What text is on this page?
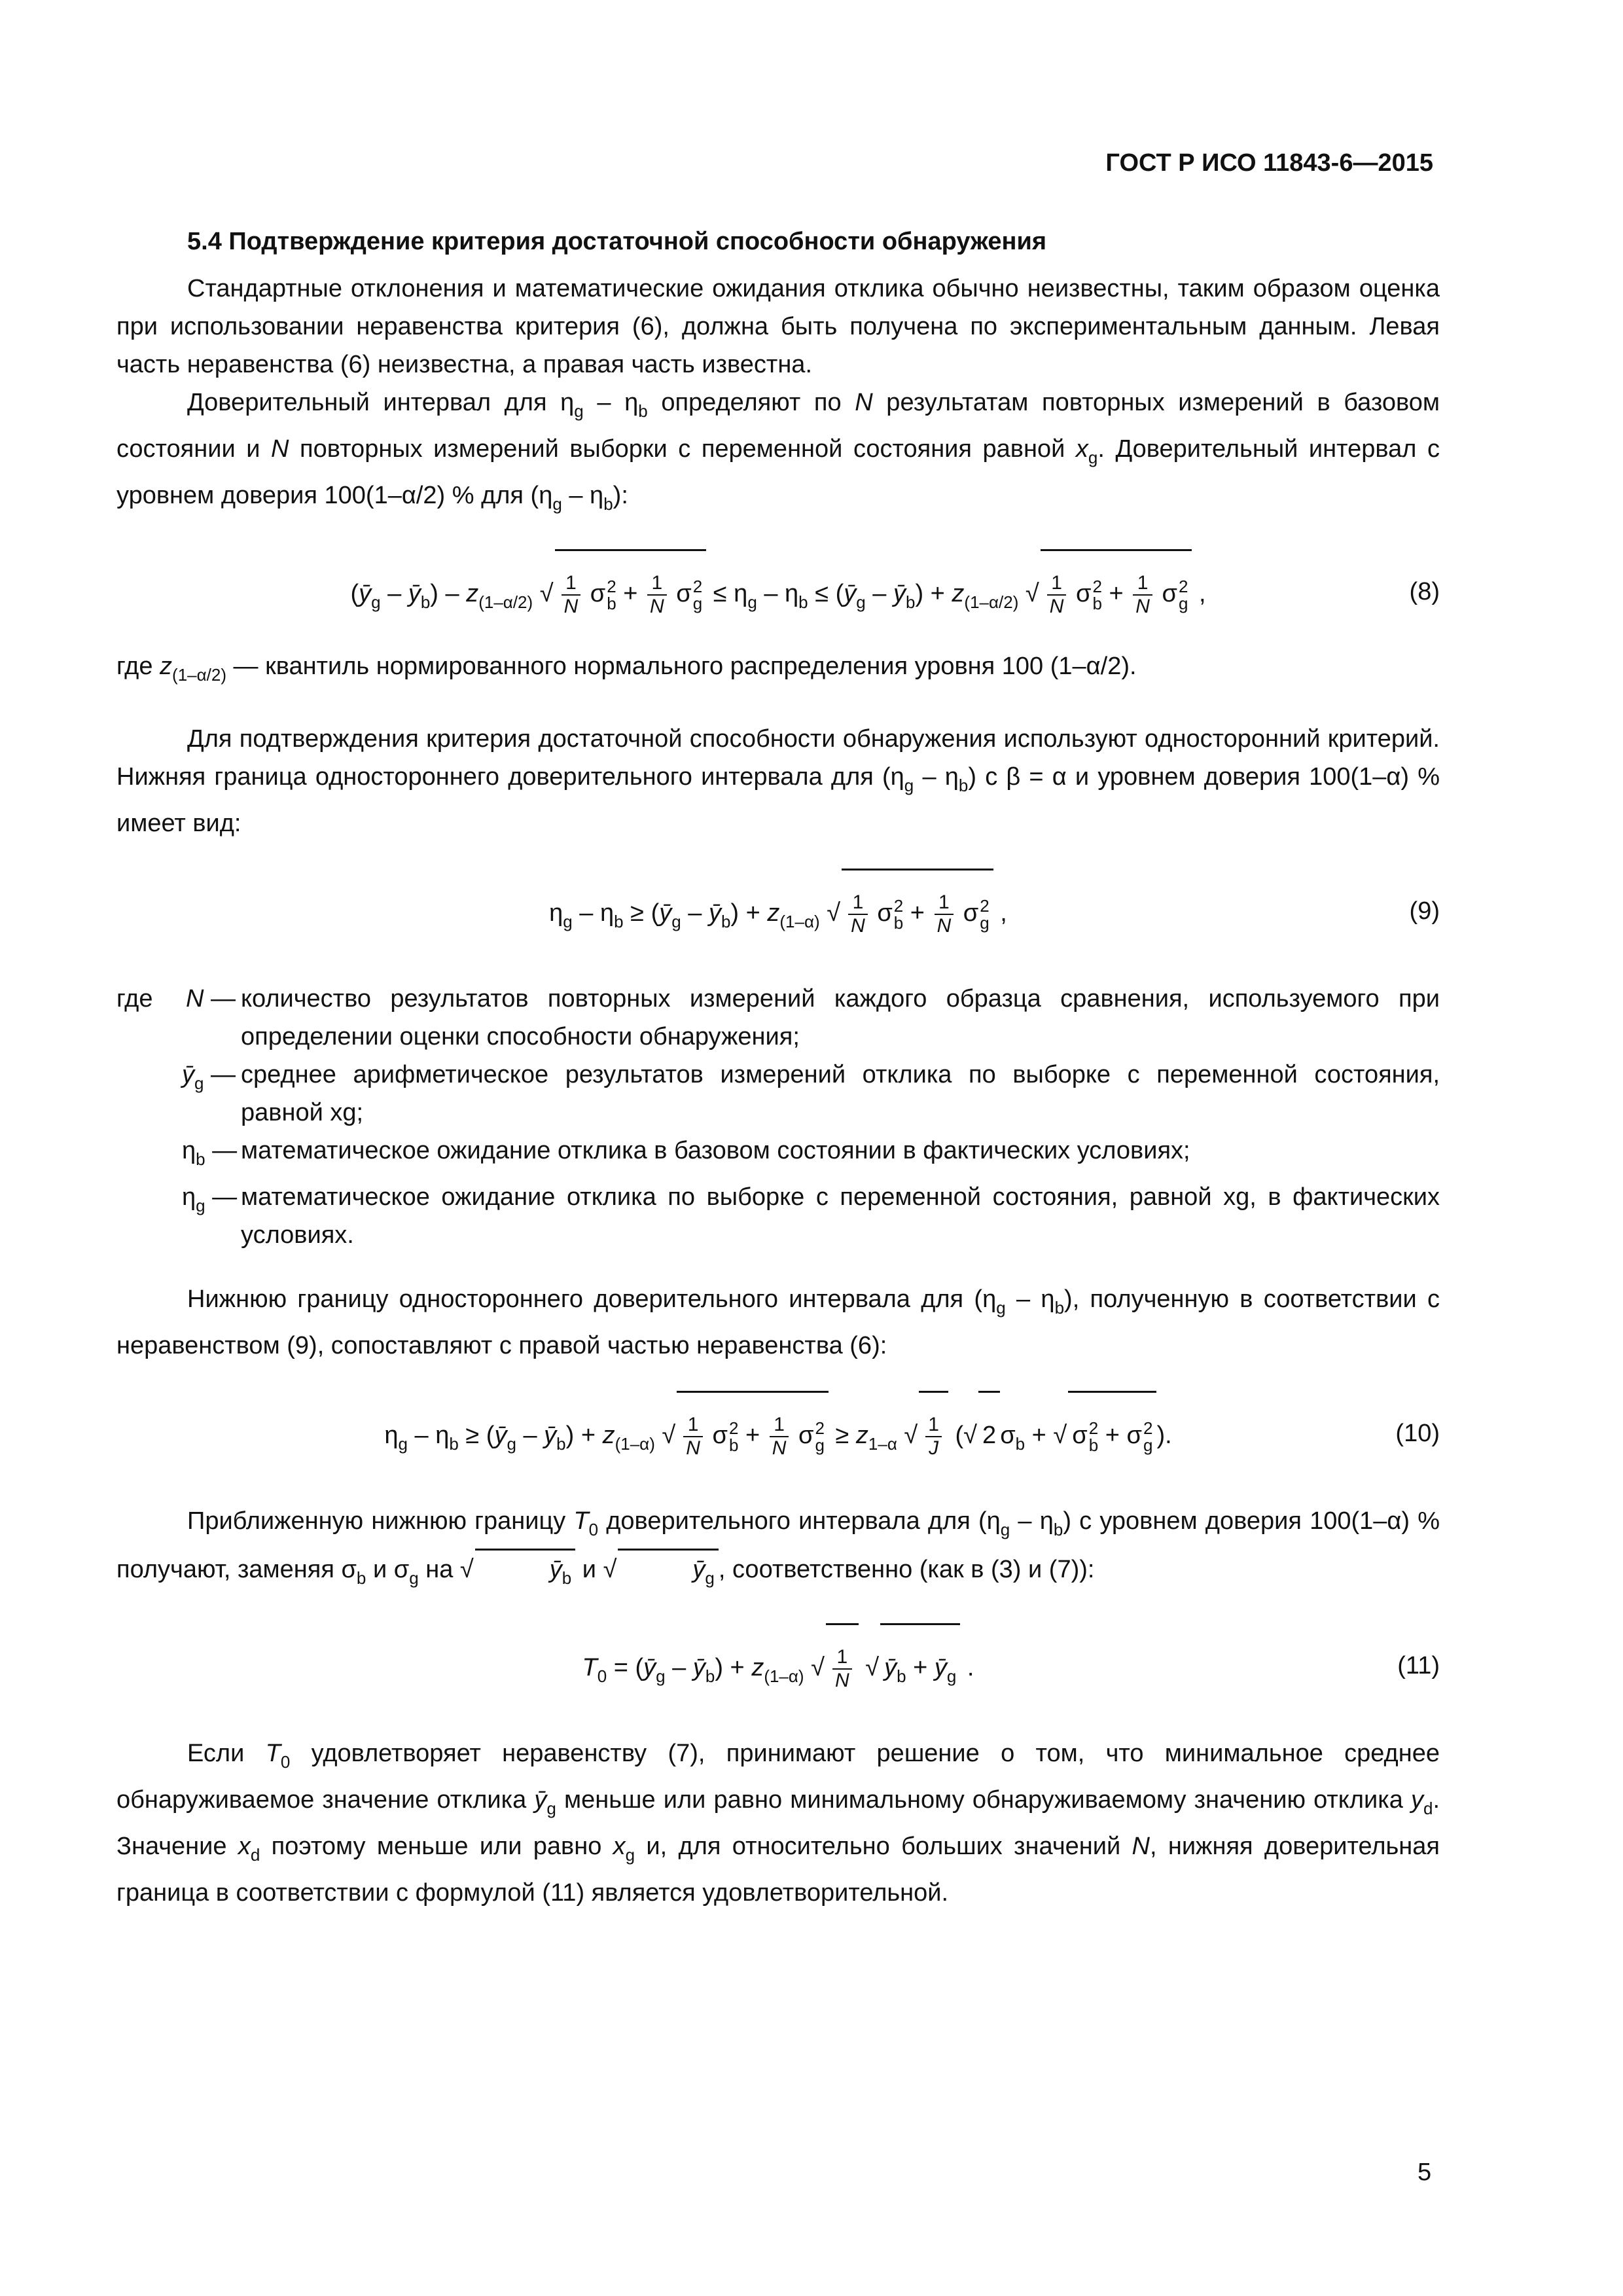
ГОСТ Р ИСО 11843-6—2015
5.4 Подтверждение критерия достаточной способности обнаружения

Стандартные отклонения и математические ожидания отклика обычно неизвестны, таким образом оценка при использовании неравенства критерия (6), должна быть получена по экспериментальным данным. Левая часть неравенства (6) неизвестна, а правая часть известна.

Доверительный интервал для $\eta_g - \eta_b$ определяют по N результатам повторных измерений в базовом состоянии и N повторных измерений выборки с переменной состояния равной $x_g$. Доверительный интервал с уровнем доверия 100(1–α/2) % для $(\eta_g - \eta_b)$:

($ȳ_g$ – $ȳ_b) - z_{(1-\alpha/2)}$ √ $\frac{1}{N}$ σ 2
$b + \frac{1}{N}$ σ 2
$g \le \eta_g - \eta_b$ ≤ ($ȳ_g$ – $ȳ_b) + z_{(1-\alpha/2)}$ √ $\frac{1}{N}$ σ 2
$b + \frac{1}{N}$ σ 2
g ,	(8)

где $z_{(1-\alpha/2)}$ — квантиль нормированного нормального распределения уровня 100 (1–α/2).

Для подтверждения критерия достаточной способности обнаружения используют односторонний критерий. Нижняя граница одностороннего доверительного интервала для $(\eta_g - \eta_b)$ с β = α и уровнем доверия 100(1–α) % имеет вид:

$\eta_g - \eta_b$ ≥ ($ȳ_g$ – $ȳ_b) + z_{(1-\alpha)}$ √ $\frac{1}{N}$ σ 2
$b + \frac{1}{N}$ σ 2
g ,	(9)
где	N — количество результатов повторных измерений каждого образца сравнения, используемого при определении оценки способности обнаружения;
$ȳ_g$ — среднее арифметическое результатов измерений отклика по выборке с переменной состояния, равной xg;
$\eta_b$ — математическое ожидание отклика в базовом состоянии в фактических условиях;
$\eta_g$ — математическое ожидание отклика по выборке с переменной состояния, равной xg, в фактических условиях.

Нижнюю границу одностороннего доверительного интервала для $(\eta_g - \eta_b)$, полученную в соответствии с неравенством (9), сопоставляют с правой частью неравенства (6):

$\eta_g - \eta_b$ ≥ ($ȳ_g$ – $ȳ_b) + z_{(1-\alpha)}$ √ $\frac{1}{N}$ σ 2
$b + \frac{1}{N}$ σ 2
$g \ge z_{1-\alpha}$ √ $\frac{1}{J}$ (√ 2 $\sigma_b$ + √ σ 2
b + σ 2
g ).	(10)

Приближенную нижнюю границу $T_0$ доверительного интервала для $(\eta_g - \eta_b)$ с уровнем доверия 100(1–α) % получают, заменяя $\sigma_b$ и $\sigma_g$ на √	$ȳ_b$ и √	$ȳ_g$ , соответственно (как в (3) и (7)):

$T_0$ = ($ȳ_g$ – $ȳ_b) + z_{(1-\alpha)}$ √ $\frac{1}{N}$ √ $ȳ_b$ + $ȳ_g$ .	(11)

Если $T_0$ удовлетворяет неравенству (7), принимают решение о том, что минимальное среднее обнаруживаемое значение отклика $ȳ_g$ меньше или равно минимальному обнаруживаемому значению отклика $y_d$. Значение $x_d$ поэтому меньше или равно $x_g$ и, для относительно больших значений N, нижняя доверительная граница в соответствии с формулой (11) является удовлетворительной.

5
